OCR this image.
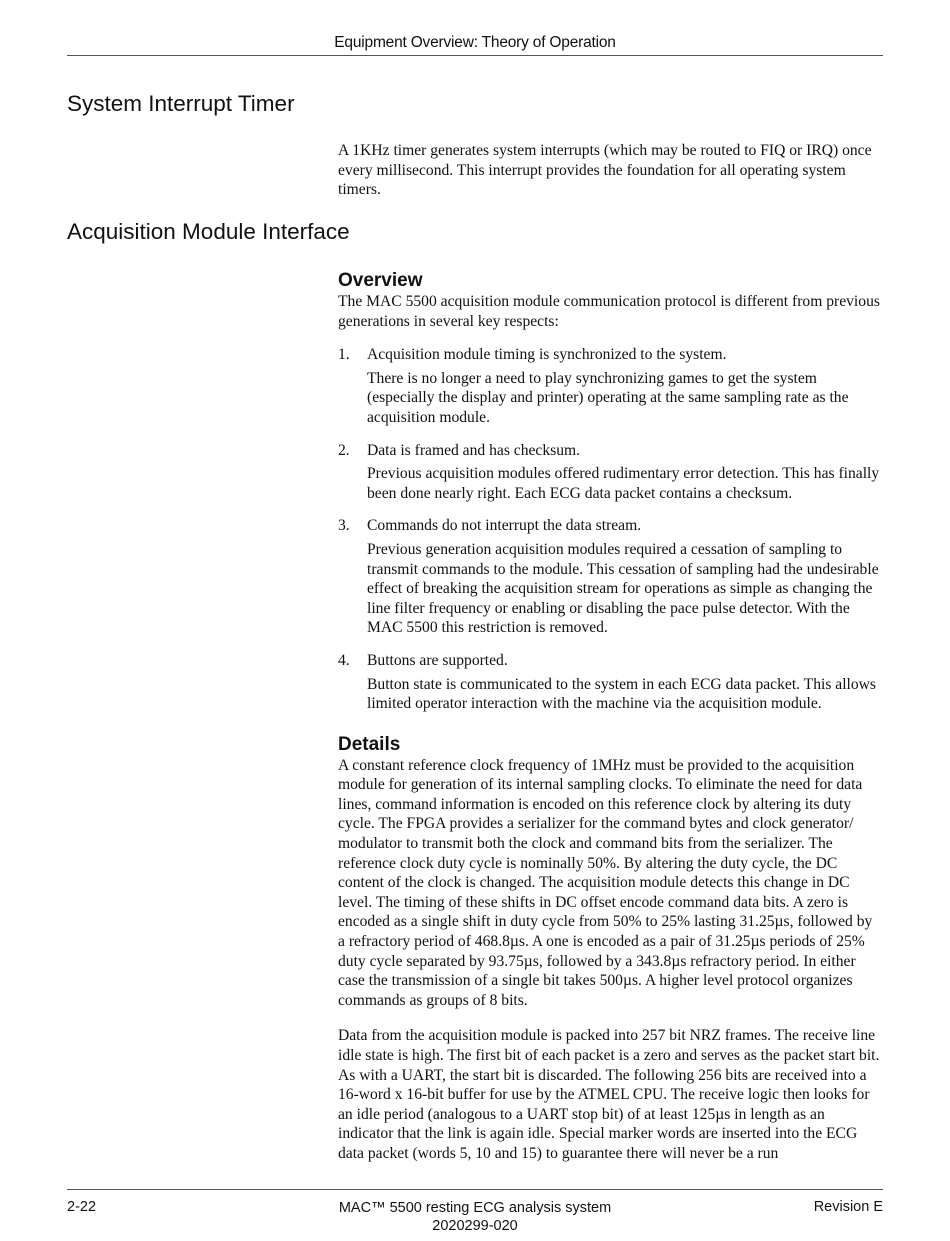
Equipment Overview: Theory of Operation
System Interrupt Timer

A 1KHz timer generates system interrupts (which may be routed to FIQ or IRQ) once every millisecond. This interrupt provides the foundation for all operating system timers.

Acquisition Module Interface
Overview

The MAC 5500 acquisition module communication protocol is different from previous generations in several key respects:

1. Acquisition module timing is synchronized to the system.

There is no longer a need to play synchronizing games to get the system (especially the display and printer) operating at the same sampling rate as the acquisition module.

2. Data is framed and has checksum.

Previous acquisition modules offered rudimentary error detection. This has finally been done nearly right. Each ECG data packet contains a checksum.

3. Commands do not interrupt the data stream.

Previous generation acquisition modules required a cessation of sampling to transmit commands to the module. This cessation of sampling had the undesirable effect of breaking the acquisition stream for operations as simple as changing the line filter frequency or enabling or disabling the pace pulse detector. With the MAC 5500 this restriction is removed.

4. Buttons are supported.

Button state is communicated to the system in each ECG data packet. This allows limited operator interaction with the machine via the acquisition module.

Details

A constant reference clock frequency of 1MHz must be provided to the acquisition module for generation of its internal sampling clocks. To eliminate the need for data lines, command information is encoded on this reference clock by altering its duty cycle. The FPGA provides a serializer for the command bytes and clock generator/ modulator to transmit both the clock and command bits from the serializer. The reference clock duty cycle is nominally 50%. By altering the duty cycle, the DC content of the clock is changed. The acquisition module detects this change in DC level. The timing of these shifts in DC offset encode command data bits. A zero is encoded as a single shift in duty cycle from 50% to 25% lasting 31.25µs, followed by a refractory period of 468.8µs. A one is encoded as a pair of 31.25µs periods of 25% duty cycle separated by 93.75µs, followed by a 343.8µs refractory period. In either case the transmission of a single bit takes 500µs. A higher level protocol organizes commands as groups of 8 bits.

Data from the acquisition module is packed into 257 bit NRZ frames. The receive line idle state is high. The first bit of each packet is a zero and serves as the packet start bit. As with a UART, the start bit is discarded. The following 256 bits are received into a 16-word x 16-bit buffer for use by the ATMEL CPU. The receive logic then looks for an idle period (analogous to a UART stop bit) of at least 125µs in length as an indicator that the link is again idle. Special marker words are inserted into the ECG data packet (words 5, 10 and 15) to guarantee there will never be a run

2-22	MAC™ 5500 resting ECG analysis system
2020299-020
Revision E
